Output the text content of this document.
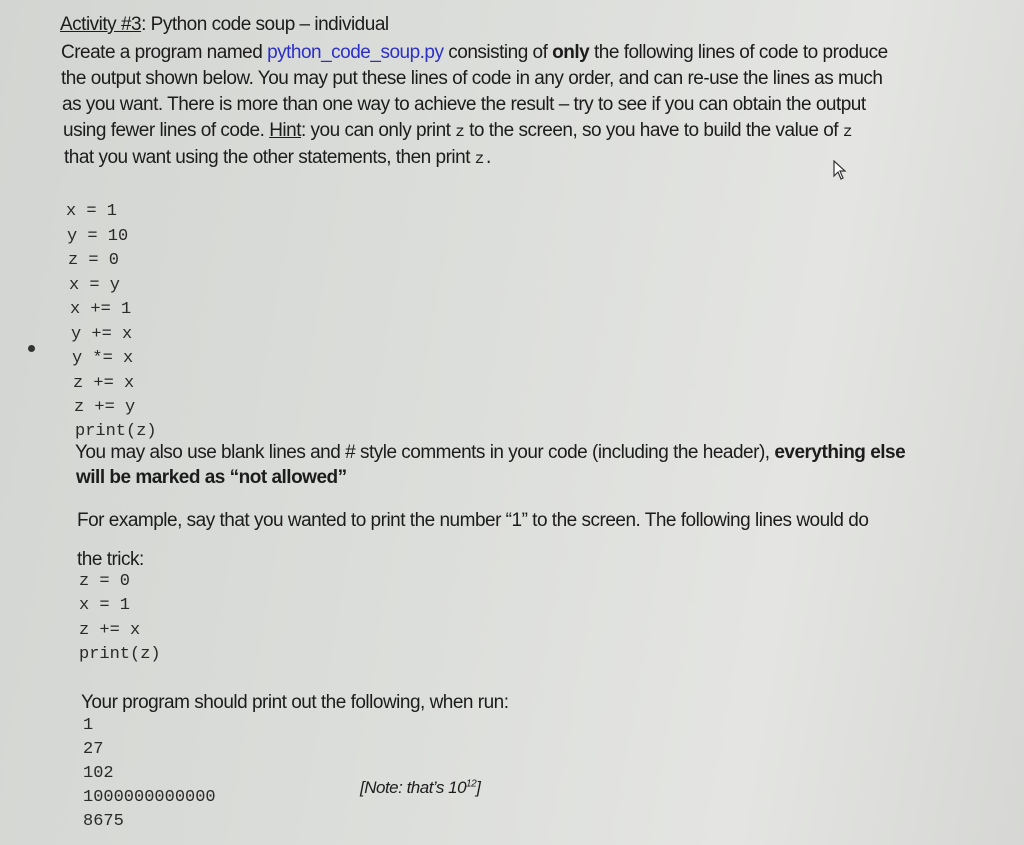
Activity #3: Python code soup – individual
Create a program named python_code_soup.py consisting of only the following lines of code to produce
the output shown below. You may put these lines of code in any order, and can re-use the lines as much
as you want. There is more than one way to achieve the result – try to see if you can obtain the output
using fewer lines of code. Hint: you can only print z to the screen, so you have to build the value of z
that you want using the other statements, then print z.
x = 1
y = 10
z = 0
x = y
x += 1
y += x
y *= x
z += x
z += y
print(z)
You may also use blank lines and # style comments in your code (including the header), everything else
will be marked as “not allowed”
For example, say that you wanted to print the number “1” to the screen. The following lines would do
the trick:
z = 0
x = 1
z += x
print(z)
Your program should print out the following, when run:
1
27
102
1000000000000
8675
[Note: that’s $10^{12}$]
